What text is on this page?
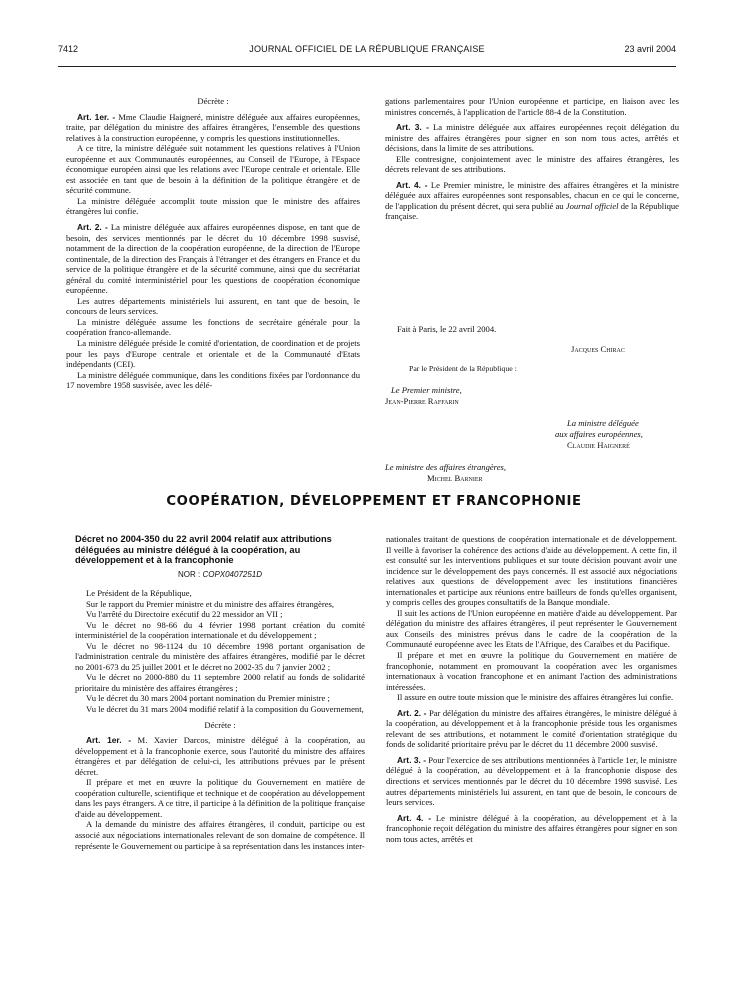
7412	JOURNAL OFFICIEL DE LA RÉPUBLIQUE FRANÇAISE	23 avril 2004

Décrète :

Art. 1er. - Mme Claudie Haigneré, ministre déléguée aux affaires européennes, traite, par délégation du ministre des affaires étrangères, l'ensemble des questions relatives à la construction européenne, y compris les questions institutionnelles.

A ce titre, la ministre déléguée suit notamment les questions relatives à l'Union européenne et aux Communautés européennes, au Conseil de l'Europe, à l'Espace économique européen ainsi que les relations avec l'Europe centrale et orientale. Elle est associée en tant que de besoin à la définition de la politique étrangère et de sécurité commune.

La ministre déléguée accomplit toute mission que le ministre des affaires étrangères lui confie.

Art. 2. - La ministre déléguée aux affaires européennes dispose, en tant que de besoin, des services mentionnés par le décret du 10 décembre 1998 susvisé, notamment de la direction de la coopération européenne, de la direction de l'Europe continentale, de la direction des Français à l'étranger et des étrangers en France et du service de la politique étrangère et de la sécurité commune, ainsi que du secrétariat général du comité interministériel pour les questions de coopération économique européenne.

Les autres départements ministériels lui assurent, en tant que de besoin, le concours de leurs services.

La ministre déléguée assume les fonctions de secrétaire générale pour la coopération franco-allemande.

La ministre déléguée préside le comité d'orientation, de coordination et de projets pour les pays d'Europe centrale et orientale et de la Communauté d'Etats indépendants (CEI).

La ministre déléguée communique, dans les conditions fixées par l'ordonnance du 17 novembre 1958 susvisée, avec les délé-

gations parlementaires pour l'Union européenne et participe, en liaison avec les ministres concernés, à l'application de l'article 88-4 de la Constitution.

Art. 3. - La ministre déléguée aux affaires européennes reçoit délégation du ministre des affaires étrangères pour signer en son nom tous actes, arrêtés et décisions, dans la limite de ses attributions.

Elle contresigne, conjointement avec le ministre des affaires étrangères, les décrets relevant de ses attributions.

Art. 4. - Le Premier ministre, le ministre des affaires étrangères et la ministre déléguée aux affaires européennes sont responsables, chacun en ce qui le concerne, de l'application du présent décret, qui sera publié au Journal officiel de la République française.

Fait à Paris, le 22 avril 2004.
Jacques Chirac
Par le Président de la République :
Le Premier ministre,
Jean-Pierre Raffarin
La ministre déléguée
aux affaires européennes,
Claudie Haigneré
Le ministre des affaires étrangères,
Michel Barnier
COOPÉRATION, DÉVELOPPEMENT ET FRANCOPHONIE
Décret no 2004-350 du 22 avril 2004 relatif aux attributions déléguées au ministre délégué à la coopération, au développement et à la francophonie
NOR : COPX0407251D

Le Président de la République,

Sur le rapport du Premier ministre et du ministre des affaires étrangères,

Vu l'arrêté du Directoire exécutif du 22 messidor an VII ;

Vu le décret no 98-66 du 4 février 1998 portant création du comité interministériel de la coopération internationale et du développement ;

Vu le décret no 98-1124 du 10 décembre 1998 portant organisation de l'administration centrale du ministère des affaires étrangères, modifié par le décret no 2001-673 du 25 juillet 2001 et le décret no 2002-35 du 7 janvier 2002 ;

Vu le décret no 2000-880 du 11 septembre 2000 relatif au fonds de solidarité prioritaire du ministère des affaires étrangères ;

Vu le décret du 30 mars 2004 portant nomination du Premier ministre ;

Vu le décret du 31 mars 2004 modifié relatif à la composition du Gouvernement,

Décrète :

Art. 1er. - M. Xavier Darcos, ministre délégué à la coopération, au développement et à la francophonie exerce, sous l'autorité du ministre des affaires étrangères et par délégation de celui-ci, les attributions prévues par le présent décret.

Il prépare et met en œuvre la politique du Gouvernement en matière de coopération culturelle, scientifique et technique et de coopération au développement dans les pays étrangers. A ce titre, il participe à la définition de la politique française d'aide au développement.

A la demande du ministre des affaires étrangères, il conduit, participe ou est associé aux négociations internationales relevant de son domaine de compétence. Il représente le Gouvernement ou participe à sa représentation dans les instances inter-

nationales traitant de questions de coopération internationale et de développement. Il veille à favoriser la cohérence des actions d'aide au développement. A cette fin, il est consulté sur les interventions publiques et sur toute décision pouvant avoir une incidence sur le développement des pays concernés. Il est associé aux négociations relatives aux questions de développement avec les institutions financières internationales et participe aux réunions entre bailleurs de fonds qu'elles organisent, y compris celles des groupes consultatifs de la Banque mondiale.

Il suit les actions de l'Union européenne en matière d'aide au développement. Par délégation du ministre des affaires étrangères, il peut représenter le Gouvernement aux Conseils des ministres prévus dans le cadre de la coopération de la Communauté européenne avec les Etats de l'Afrique, des Caraïbes et du Pacifique.

Il prépare et met en œuvre la politique du Gouvernement en matière de francophonie, notamment en promouvant la coopération avec les organismes internationaux à vocation francophone et en animant l'action des administrations intéressées.

Il assure en outre toute mission que le ministre des affaires étrangères lui confie.

Art. 2. - Par délégation du ministre des affaires étrangères, le ministre délégué à la coopération, au développement et à la francophonie préside tous les organismes relevant de ses attributions, et notamment le comité d'orientation stratégique du fonds de solidarité prioritaire prévu par le décret du 11 décembre 2000 susvisé.

Art. 3. - Pour l'exercice de ses attributions mentionnées à l'article 1er, le ministre délégué à la coopération, au développement et à la francophonie dispose des directions et services mentionnés par le décret du 10 décembre 1998 susvisé. Les autres départements ministériels lui assurent, en tant que de besoin, le concours de leurs services.

Art. 4. - Le ministre délégué à la coopération, au développement et à la francophonie reçoit délégation du ministre des affaires étrangères pour signer en son nom tous actes, arrêtés et
